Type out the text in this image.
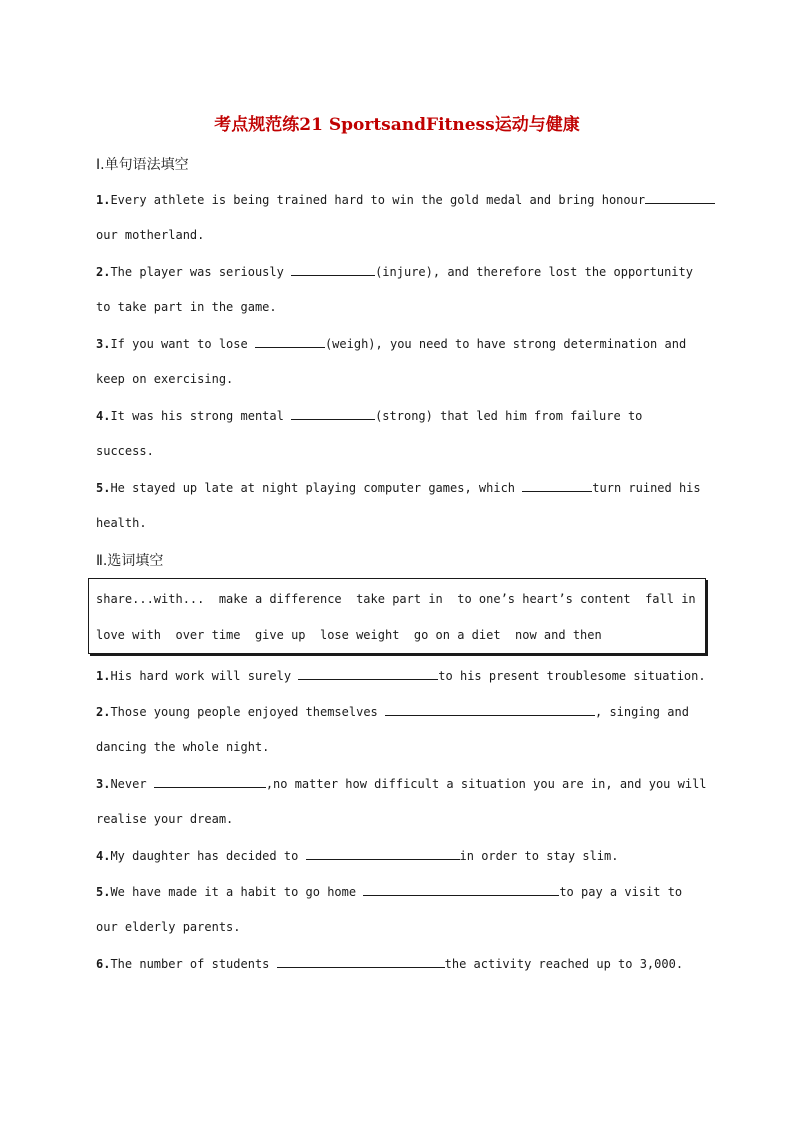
考点规范练21 SportsandFitness运动与健康
Ⅰ.单句语法填空
1.Every athlete is being trained hard to win the gold medal and bring honour
our motherland.
2.The player was seriously	(injure), and therefore lost the opportunity
to take part in the game.
3.If you want to lose	(weigh), you need to have strong determination and
keep on exercising.
4.It was his strong mental	(strong) that led him from failure to
success.
5.He stayed up late at night playing computer games, which	turn ruined his
health.
Ⅱ.选词填空
share...with...  make a difference  take part in  to one’s heart’s content  fall in
love with  over time  give up  lose weight  go on a diet  now and then
1.His hard work will surely	to his present troublesome situation.
2.Those young people enjoyed themselves	, singing and
dancing the whole night.
3.Never	,no matter how difficult a situation you are in, and you will
realise your dream.
4.My daughter has decided to	in order to stay slim.
5.We have made it a habit to go home	to pay a visit to
our elderly parents.
6.The number of students	the activity reached up to 3,000.
